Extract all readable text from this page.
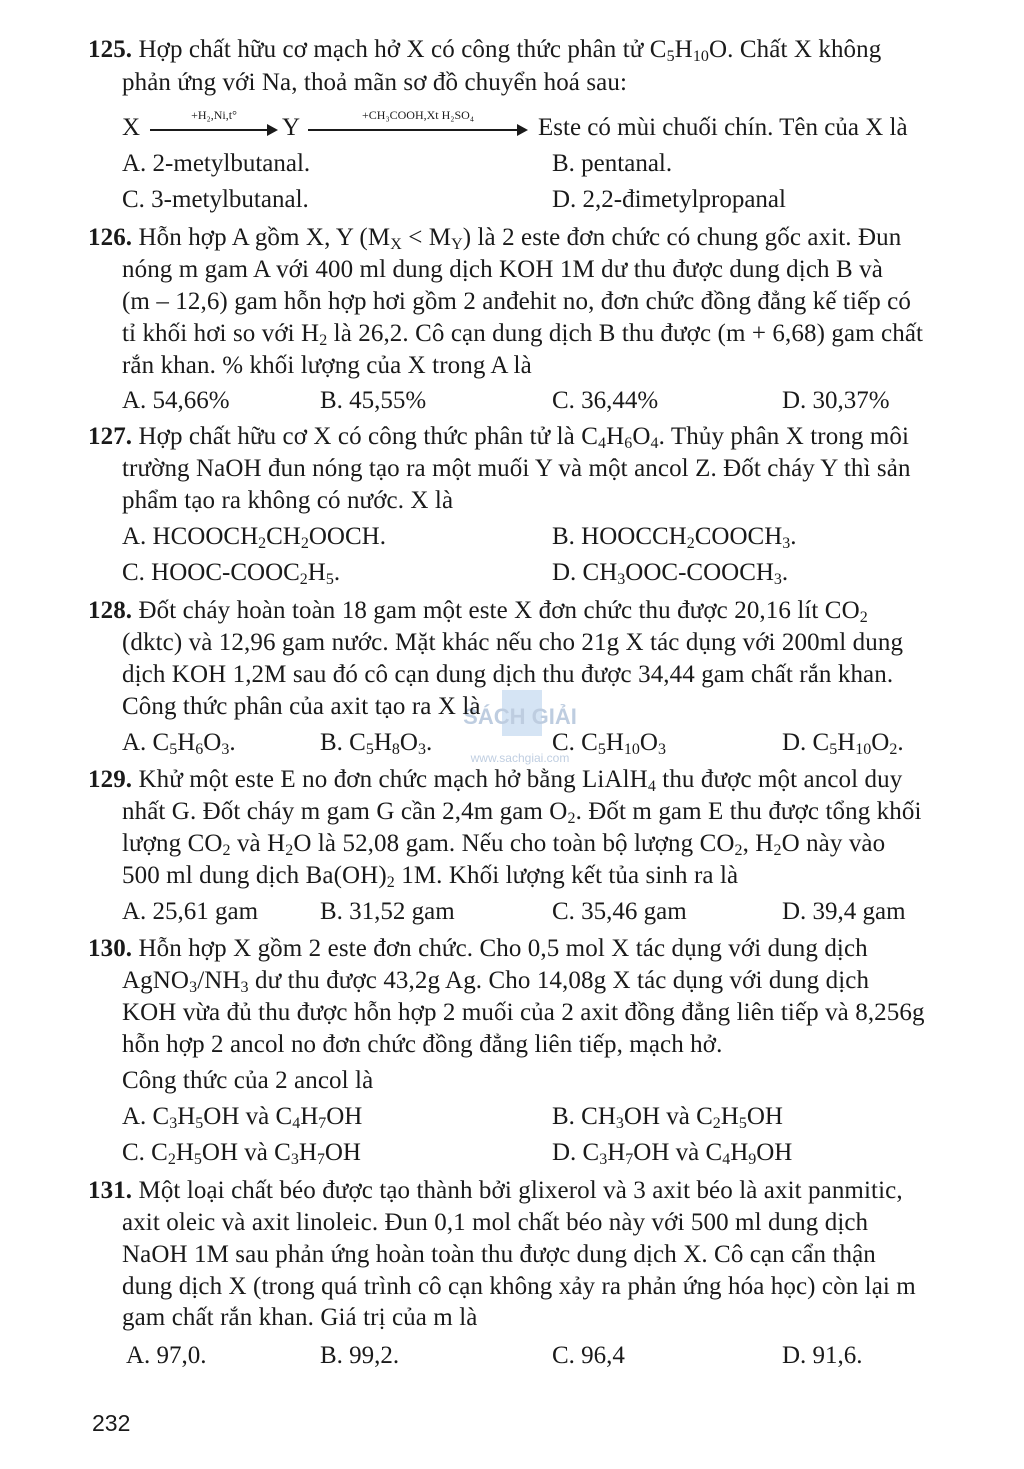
SÁCH GIẢI
www.sachgiai.com
125. Hợp chất hữu cơ mạch hở X có công thức phân tử $C_5H_{10}O$. Chất X không
phản ứng với Na, thoả mãn sơ đồ chuyển hoá sau:
X	+H₂,Ni,t°	Y	+CH₃COOH,Xt H₂SO₄	Este có mùi chuối chín. Tên của X là
A. 2-metylbutanal.	B. pentanal.
C. 3-metylbutanal.	D. 2,2-đimetylpropanal
126. Hỗn hợp A gồm X, Y $(M_X < M_Y)$ là 2 este đơn chức có chung gốc axit. Đun
nóng m gam A với 400 ml dung dịch KOH 1M dư thu được dung dịch B và
(m – 12,6) gam hỗn hợp hơi gồm 2 anđehit no, đơn chức đồng đẳng kế tiếp có
tỉ khối hơi so với $H_2$ là 26,2. Cô cạn dung dịch B thu được (m + 6,68) gam chất
rắn khan. % khối lượng của X trong A là
A. 54,66%	B. 45,55%	C. 36,44%	D. 30,37%
127. Hợp chất hữu cơ X có công thức phân tử là $C_4H_6O_4$. Thủy phân X trong môi
trường NaOH đun nóng tạo ra một muối Y và một ancol Z. Đốt cháy Y thì sản
phẩm tạo ra không có nước. X là
A. $HCOOCH_2CH_2OOCH$.	B. $HOOCCH_2COOCH_3$.
C. HOOC-$COOC_2H_5$.	D. $CH_3OOC-COOCH_3$.
128. Đốt cháy hoàn toàn 18 gam một este X đơn chức thu được 20,16 lít $CO_2$
(dktc) và 12,96 gam nước. Mặt khác nếu cho 21g X tác dụng với 200ml dung
dịch KOH 1,2M sau đó cô cạn dung dịch thu được 34,44 gam chất rắn khan.
Công thức phân của axit tạo ra X là
A. $C_5H_6O_3$.	B. $C_5H_8O_3$.	C. $C_5H_{10}O_3$	D. $C_5H_{10}O_2$.
129. Khử một este E no đơn chức mạch hở bằng LiAlH$_4$ thu được một ancol duy
nhất G. Đốt cháy m gam G cần 2,4m gam $O_2$. Đốt m gam E thu được tổng khối
lượng $CO_2$ và $H_2O$ là 52,08 gam. Nếu cho toàn bộ lượng $CO_2$, $H_2O$ này vào
500 ml dung dịch $Ba(OH)_2$ 1M. Khối lượng kết tủa sinh ra là
A. 25,61 gam B. 31,52 gam	C. 35,46 gam	D. 39,4 gam
130. Hỗn hợp X gồm 2 este đơn chức. Cho 0,5 mol X tác dụng với dung dịch
$AgNO_3/NH_3$ dư thu được 43,2g Ag. Cho 14,08g X tác dụng với dung dịch
KOH vừa đủ thu được hỗn hợp 2 muối của 2 axit đồng đẳng liên tiếp và 8,256g
hỗn hợp 2 ancol no đơn chức đồng đẳng liên tiếp, mạch hở.
Công thức của 2 ancol là
A. $C_3H_5OH$ và $C_4H_7OH$	B. $CH_3OH$ và $C_2H_5OH$
C. $C_2H_5OH$ và $C_3H_7OH$	D. $C_3H_7OH$ và $C_4H_9OH$
131. Một loại chất béo được tạo thành bởi glixerol và 3 axit béo là axit panmitic,
axit oleic và axit linoleic. Đun 0,1 mol chất béo này với 500 ml dung dịch
NaOH 1M sau phản ứng hoàn toàn thu được dung dịch X. Cô cạn cẩn thận
dung dịch X (trong quá trình cô cạn không xảy ra phản ứng hóa học) còn lại m
gam chất rắn khan. Giá trị của m là
A. 97,0.	B. 99,2.	C. 96,4	D. 91,6.
232
